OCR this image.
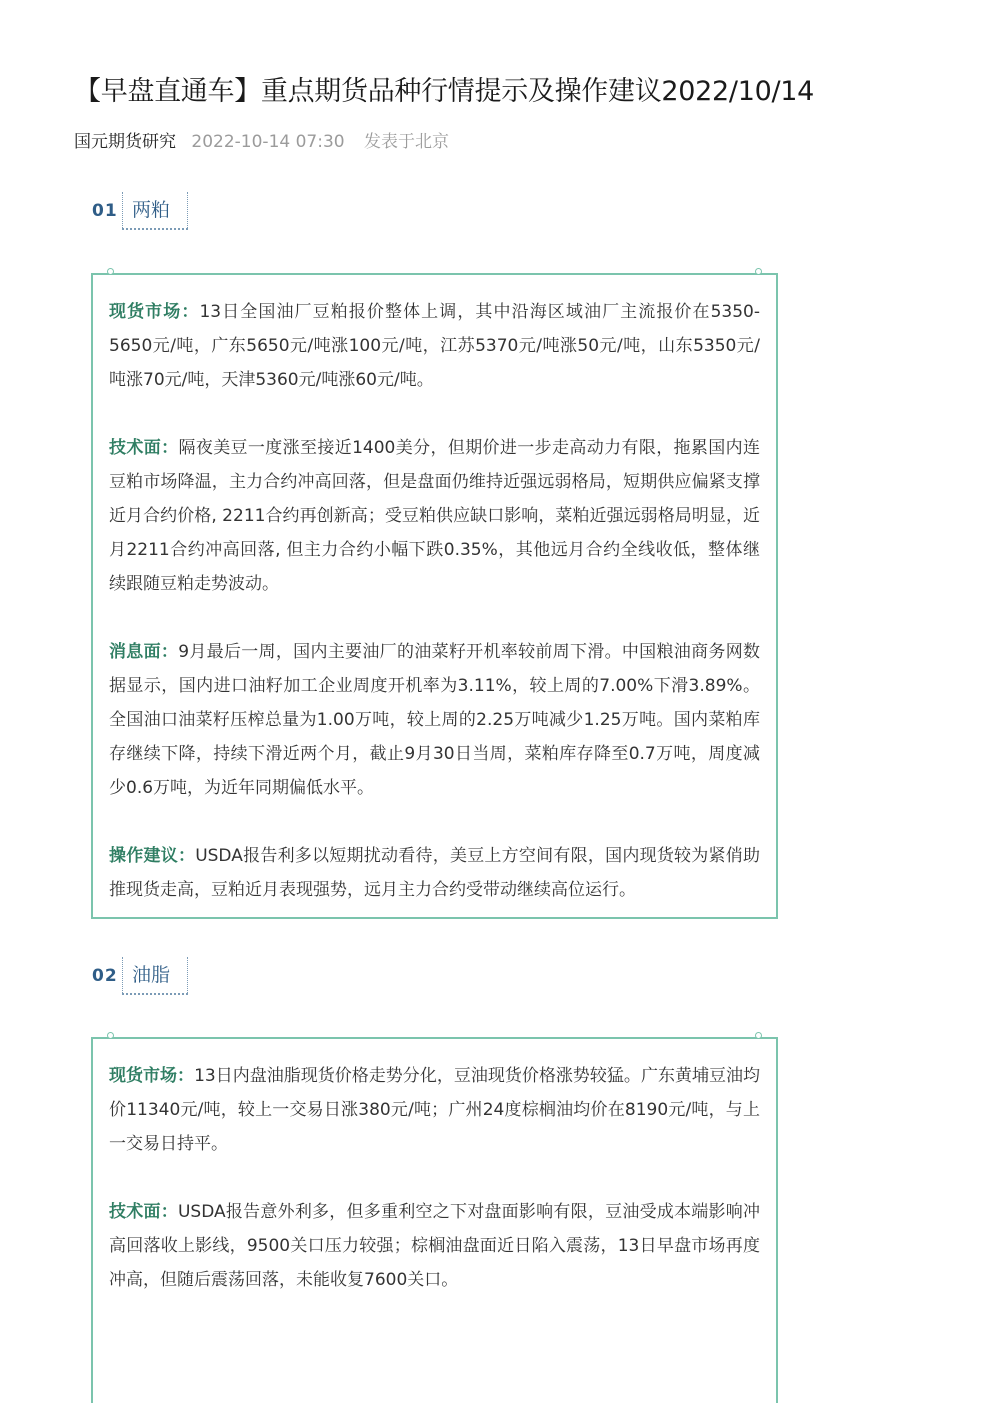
【早盘直通车】重点期货品种行情提示及操作建议2022/10/14
国元期货研究 2022-10-14 07:30 发表于北京
01 两粕

现货市场：13日全国油厂豆粕报价整体上调，其中沿海区域油厂主流报价在5350-5650元/吨，广东5650元/吨涨100元/吨，江苏5370元/吨涨50元/吨，山东5350元/吨涨70元/吨，天津5360元/吨涨60元/吨。

技术面：隔夜美豆一度涨至接近1400美分，但期价进一步走高动力有限，拖累国内连豆粕市场降温，主力合约冲高回落，但是盘面仍维持近强远弱格局，短期供应偏紧支撑近月合约价格, 2211合约再创新高；受豆粕供应缺口影响，菜粕近强远弱格局明显，近月2211合约冲高回落, 但主力合约小幅下跌0.35%，其他远月合约全线收低，整体继续跟随豆粕走势波动。

消息面：9月最后一周，国内主要油厂的油菜籽开机率较前周下滑。中国粮油商务网数据显示，国内进口油籽加工企业周度开机率为3.11%，较上周的7.00%下滑3.89%。全国油口油菜籽压榨总量为1.00万吨，较上周的2.25万吨减少1.25万吨。国内菜粕库存继续下降，持续下滑近两个月，截止9月30日当周，菜粕库存降至0.7万吨，周度减少0.6万吨，为近年同期偏低水平。

操作建议：USDA报告利多以短期扰动看待，美豆上方空间有限，国内现货较为紧俏助推现货走高，豆粕近月表现强势，远月主力合约受带动继续高位运行。

02 油脂

现货市场：13日内盘油脂现货价格走势分化，豆油现货价格涨势较猛。广东黄埔豆油均价11340元/吨，较上一交易日涨380元/吨；广州24度棕榈油均价在8190元/吨，与上一交易日持平。

技术面：USDA报告意外利多，但多重利空之下对盘面影响有限，豆油受成本端影响冲高回落收上影线，9500关口压力较强；棕榈油盘面近日陷入震荡，13日早盘市场再度冲高，但随后震荡回落，未能收复7600关口。
